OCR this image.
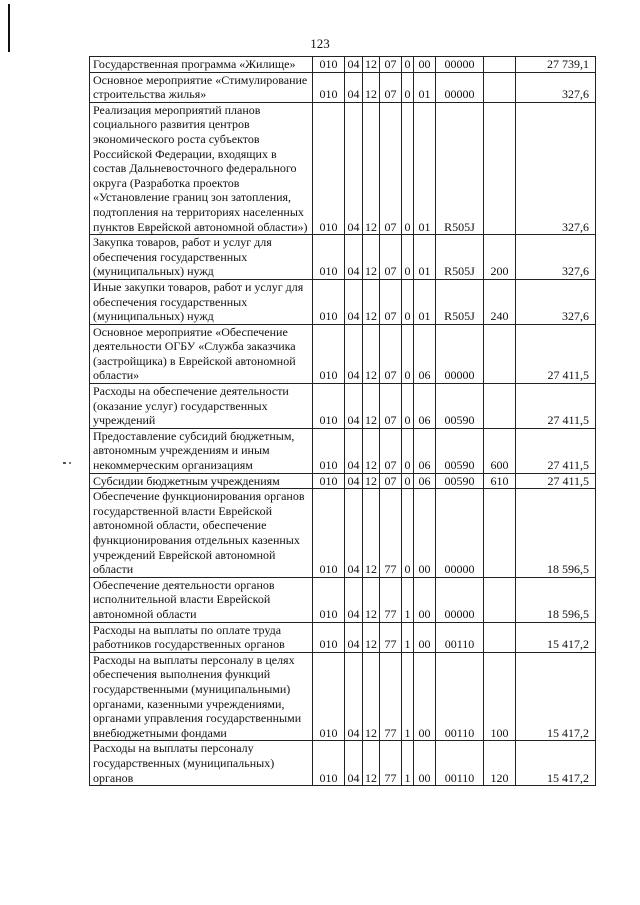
123
Государственная программа «Жилище»	010	04	12	07	0	00	00000		27 739,1
Основное мероприятие «Стимулирование строительства жилья»	010	04	12	07	0	01	00000		327,6
Реализация мероприятий планов социального развития центров экономического роста субъектов Российской Федерации, входящих в состав Дальневосточного федерального округа (Разработка проектов «Установление границ зон затопления, подтопления на территориях населенных пунктов Еврейской автономной области»)	010	04	12	07	0	01	R505J		327,6
Закупка товаров, работ и услуг для обеспечения государственных (муниципальных) нужд	010	04	12	07	0	01	R505J	200	327,6
Иные закупки товаров, работ и услуг для обеспечения государственных (муниципальных) нужд	010	04	12	07	0	01	R505J	240	327,6
Основное мероприятие «Обеспечение деятельности ОГБУ «Служба заказчика (застройщика) в Еврейской автономной области»	010	04	12	07	0	06	00000		27 411,5
Расходы на обеспечение деятельности (оказание услуг) государственных учреждений	010	04	12	07	0	06	00590		27 411,5
Предоставление субсидий бюджетным, автономным учреждениям и иным некоммерческим организациям	010	04	12	07	0	06	00590	600	27 411,5
Субсидии бюджетным учреждениям	010	04	12	07	0	06	00590	610	27 411,5
Обеспечение функционирования органов государственной власти Еврейской автономной области, обеспечение функционирования отдельных казенных учреждений Еврейской автономной области	010	04	12	77	0	00	00000		18 596,5
Обеспечение деятельности органов исполнительной власти Еврейской автономной области	010	04	12	77	1	00	00000		18 596,5
Расходы на выплаты по оплате труда работников государственных органов	010	04	12	77	1	00	00110		15 417,2
Расходы на выплаты персоналу в целях обеспечения выполнения функций государственными (муниципальными) органами, казенными учреждениями, органами управления государственными внебюджетными фондами	010	04	12	77	1	00	00110	100	15 417,2
Расходы на выплаты персоналу государственных (муниципальных) органов	010	04	12	77	1	00	00110	120	15 417,2
